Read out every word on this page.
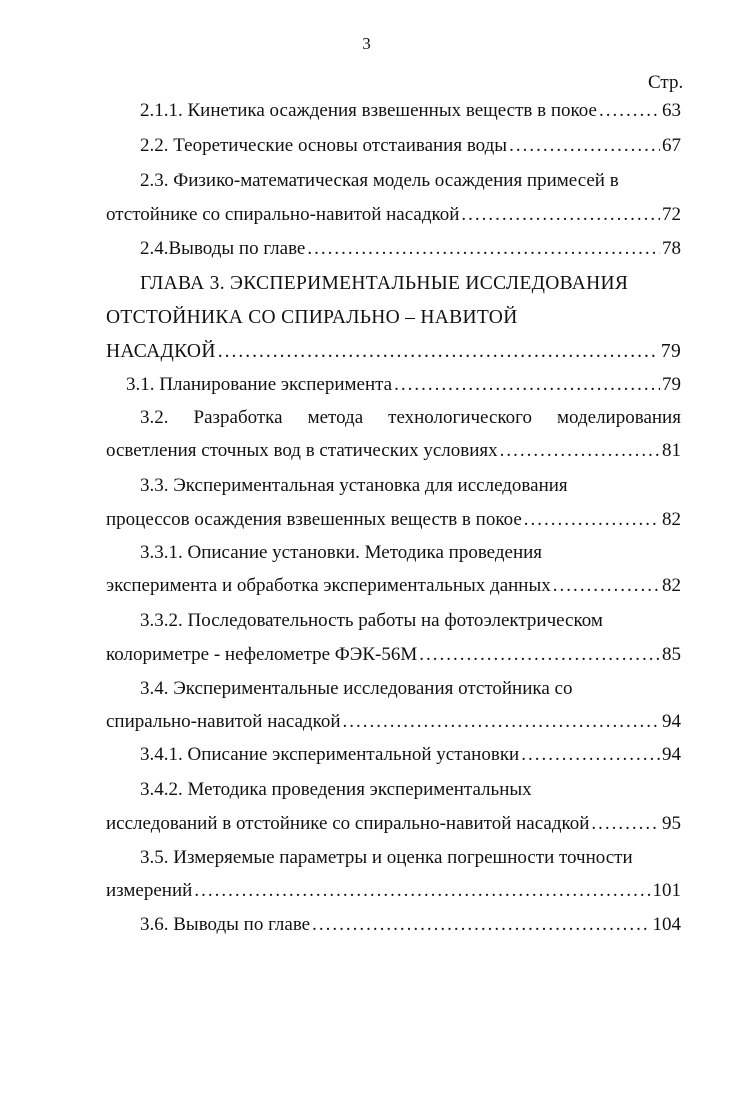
3
Стр.
2.1.1. Кинетика осаждения взвешенных веществ в покое .....	63
2.2. Теоретические основы отстаивания воды .....	67
2.3. Физико-математическая модель осаждения примесей в
отстойнике со спирально-навитой насадкой .....	72
2.4.Выводы по главе .....	78
ГЛАВА 3. ЭКСПЕРИМЕНТАЛЬНЫЕ ИССЛЕДОВАНИЯ
ОТСТОЙНИКА СО СПИРАЛЬНО – НАВИТОЙ
НАСАДКОЙ .....	79
3.1. Планирование эксперимента .....	79
3.2. Разработка метода технологического моделирования
осветления сточных вод в статических условиях .....	81
3.3. Экспериментальная установка для исследования
процессов осаждения взвешенных веществ в покое .....	82
3.3.1. Описание установки. Методика проведения
эксперимента и обработка экспериментальных данных .....	82
3.3.2. Последовательность работы на фотоэлектрическом
колориметре - нефелометре ФЭК-56М .....	85
3.4. Экспериментальные исследования отстойника со
спирально-навитой насадкой .....	94
3.4.1. Описание экспериментальной установки .....	94
3.4.2. Методика проведения экспериментальных
исследований в отстойнике со спирально-навитой насадкой .....	95
3.5. Измеряемые параметры и оценка погрешности точности
измерений .....	101
3.6. Выводы по главе .....	104
